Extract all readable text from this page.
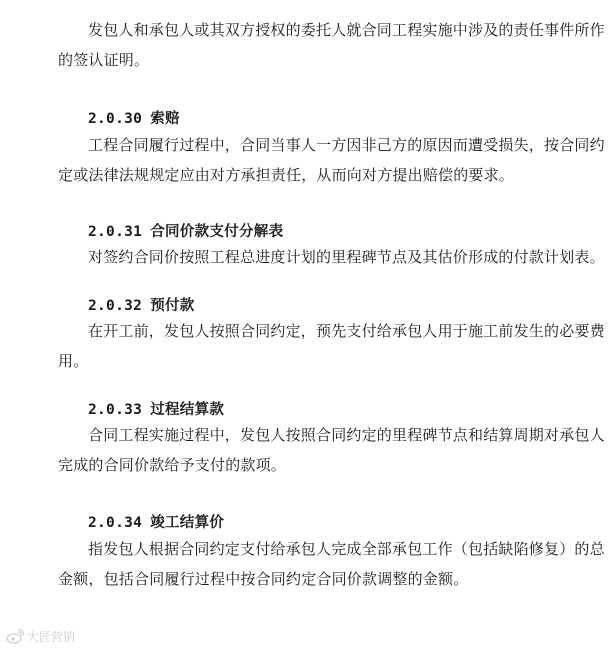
发包人和承包人或其双方授权的委托人就合同工程实施中涉及的责任事件所作
的签认证明。

2.0.30 索赔

工程合同履行过程中，合同当事人一方因非己方的原因而遭受损失，按合同约
定或法律法规规定应由对方承担责任，从而向对方提出赔偿的要求。

2.0.31 合同价款支付分解表

对签约合同价按照工程总进度计划的里程碑节点及其估价形成的付款计划表。

2.0.32 预付款

在开工前，发包人按照合同约定，预先支付给承包人用于施工前发生的必要费
用。

2.0.33 过程结算款

合同工程实施过程中，发包人按照合同约定的里程碑节点和结算周期对承包人
完成的合同价款给予支付的款项。

2.0.34 竣工结算价

指发包人根据合同约定支付给承包人完成全部承包工作（包括缺陷修复）的总
金额，包括合同履行过程中按合同约定合同价款调整的金额。

大匠营销
